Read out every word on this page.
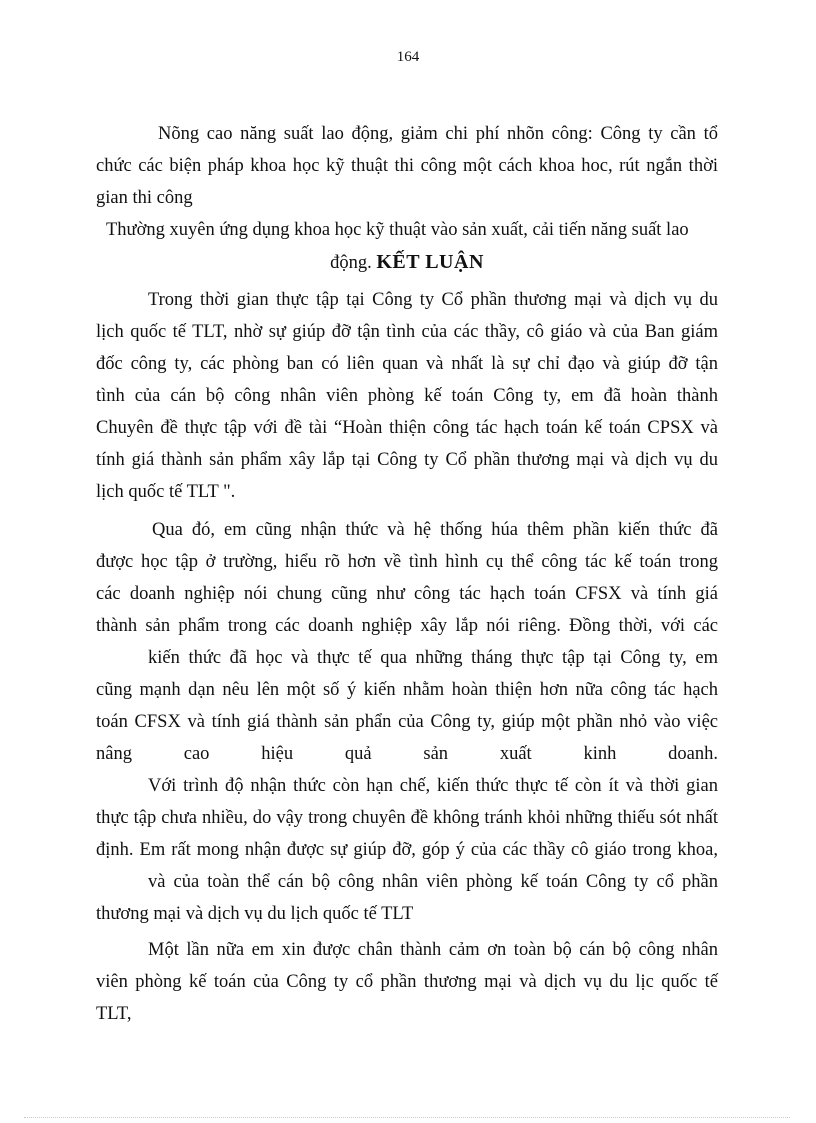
164
Nõng cao năng suất lao động, giảm chi phí nhõn công: Công ty cần tổ
chức các biện pháp khoa học kỹ thuật thi công một cách khoa hoc, rút ngắn thời
gian thi công
Thường xuyên ứng dụng khoa học kỹ thuật vào sản xuất, cải tiến năng suất lao
động. KẾT LUẬN
Trong thời gian thực tập tại Công ty Cổ phần thương mại và dịch vụ du
lịch quốc tế TLT, nhờ sự giúp đỡ tận tình của các thầy, cô giáo và của Ban giám
đốc công ty, các phòng ban có liên quan và nhất là sự chỉ đạo và giúp đỡ tận
tình của cán bộ công nhân viên phòng kế toán Công ty, em đã hoàn thành
Chuyên đề thực tập với đề tài “Hoàn thiện công tác hạch toán kế toán CPSX và
tính giá thành sản phẩm xây lắp tại Công ty Cổ phần thương mại và dịch vụ du
lịch quốc tế TLT ".
Qua đó, em cũng nhận thức và hệ thống húa thêm phần kiến thức đã
được học tập ở trường, hiểu rõ hơn về tình hình cụ thể công tác kế toán trong
các doanh nghiệp nói chung cũng như công tác hạch toán CFSX và tính giá
thành sản phẩm trong các doanh nghiệp xây lắp nói riêng. Đồng thời, với các
kiến thức đã học và thực tế qua những tháng thực tập tại Công ty, em
cũng mạnh dạn nêu lên một số ý kiến nhằm hoàn thiện hơn nữa công tác hạch
toán CFSX và tính giá thành sản phẩn của Công ty, giúp một phần nhỏ vào việc
nâng cao hiệu quả sản xuất kinh doanh.
Với trình độ nhận thức còn hạn chế, kiến thức thực tế còn ít và thời gian
thực tập chưa nhiều, do vậy trong chuyên đề không tránh khỏi những thiếu sót nhất
định. Em rất mong nhận được sự giúp đỡ, góp ý của các thầy cô giáo trong khoa,
và của toàn thể cán bộ công nhân viên phòng kế toán Công ty cổ phần
thương mại và dịch vụ du lịch quốc tế TLT
Một lần nữa em xin được chân thành cảm ơn toàn bộ cán bộ công nhân
viên phòng kế toán của Công ty cổ phần thương mại và dịch vụ du lịc quốc tế
TLT,
